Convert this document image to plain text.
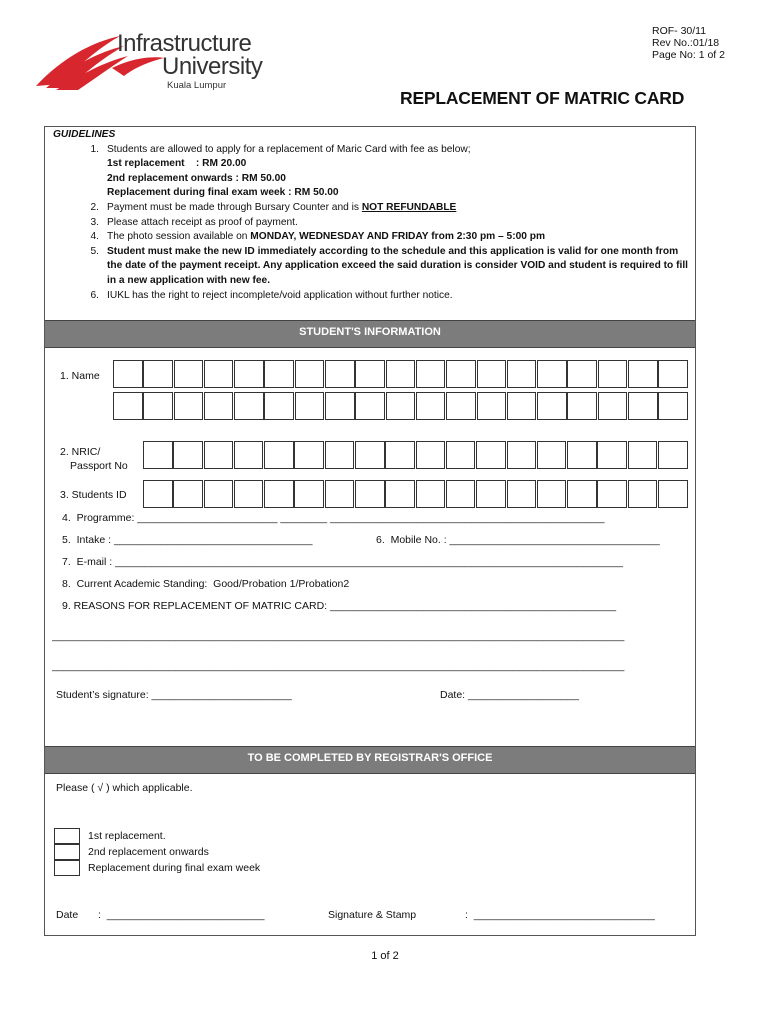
ROF- 30/11
Rev No.:01/18
Page No: 1 of 2
Infrastructure
University
Kuala Lumpur
REPLACEMENT OF MATRIC CARD
GUIDELINES
1. Students are allowed to apply for a replacement of Maric Card with fee as below;
1st replacement    : RM 20.00
2nd replacement onwards : RM 50.00
Replacement during final exam week : RM 50.00
2. Payment must be made through Bursary Counter and is NOT REFUNDABLE
3. Please attach receipt as proof of payment.
4. The photo session available on MONDAY, WEDNESDAY AND FRIDAY from 2:30 pm – 5:00 pm
5. Student must make the new ID immediately according to the schedule and this application is valid for one month from the date of the payment receipt. Any application exceed the said duration is consider VOID and student is required to fill in a new application with new fee.
6. IUKL has the right to reject incomplete/void application without further notice.
STUDENT'S INFORMATION
1. Name
2. NRIC/
Passport No
3. Students ID
4.  Programme: ________________________ ________ _______________________________________________
5.  Intake : __________________________________	6.  Mobile No. : ____________________________________
7.  E-mail : _______________________________________________________________________________________
8.  Current Academic Standing:  Good/Probation 1/Probation2
9. REASONS FOR REPLACEMENT OF MATRIC CARD: _________________________________________________
__________________________________________________________________________________________________
__________________________________________________________________________________________________
Student’s signature: ________________________	Date: ___________________
TO BE COMPLETED BY REGISTRAR'S OFFICE
Please ( √ ) which applicable.
1st replacement.
2nd replacement onwards
Replacement during final exam week
Date :  ___________________________	Signature & Stamp	:  _______________________________
1 of 2
